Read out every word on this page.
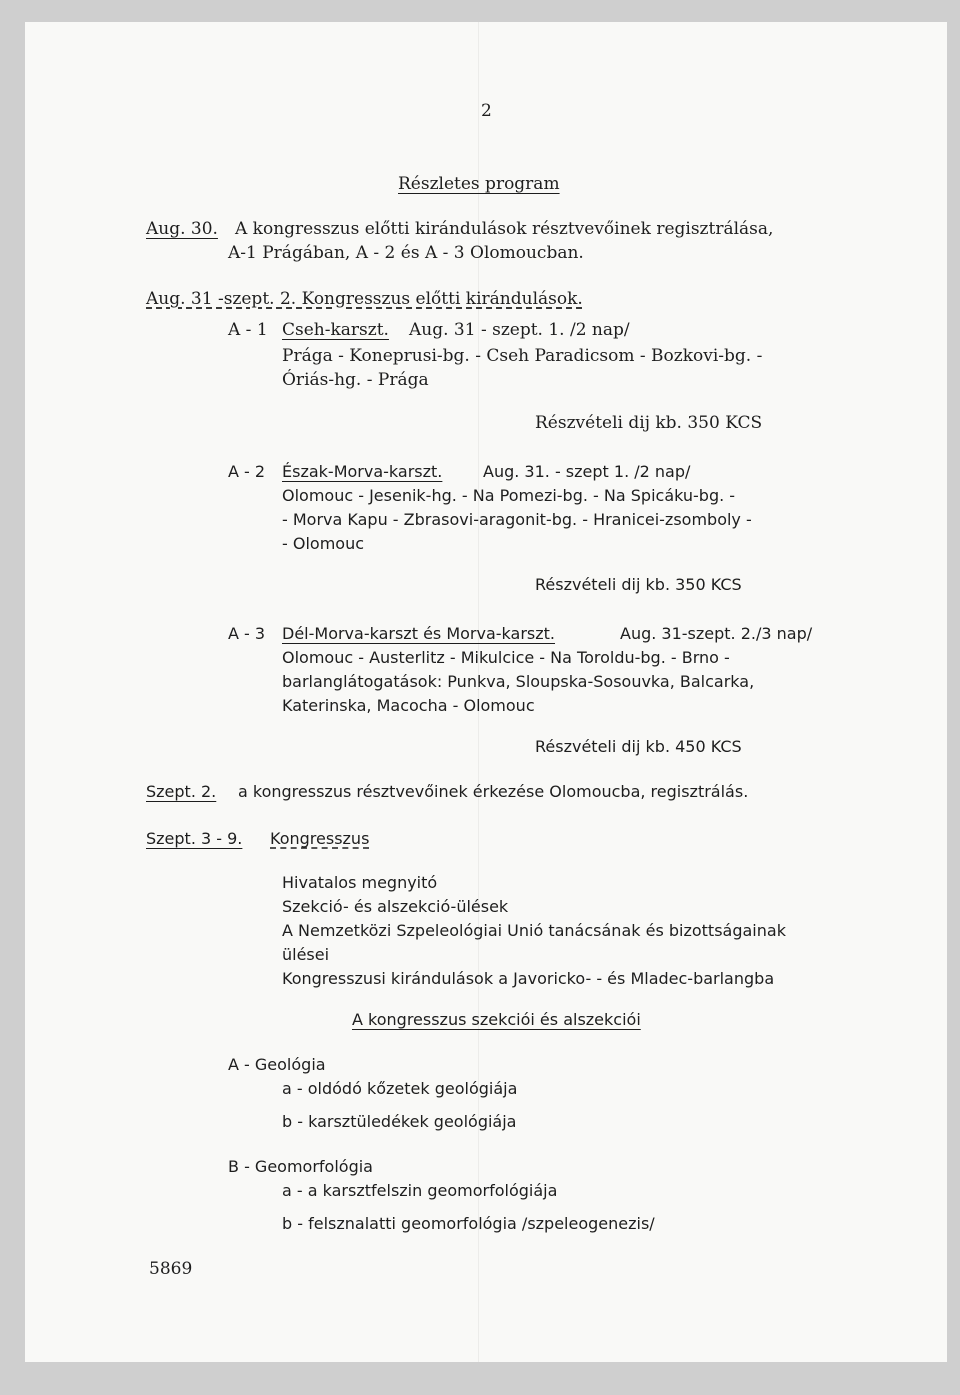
2
Részletes program
Aug. 30. A kongresszus előtti kirándulások résztvevőinek regisztrálása,
A-1 Prágában, A - 2 és A - 3 Olomoucban.
Aug. 31 -szept. 2. Kongresszus előtti kirándulások.
A - 1 Cseh-karszt. Aug. 31 - szept. 1. /2 nap/
Prága - Koneprusi-bg. - Cseh Paradicsom - Bozkovi-bg. -
Óriás-hg. - Prága
Részvételi dij kb. 350 KCS
A - 2 Észak-Morva-karszt.	Aug. 31. - szept 1. /2 nap/
Olomouc - Jesenik-hg. - Na Pomezi-bg. - Na Spicáku-bg. -
- Morva Kapu - Zbrasovi-aragonit-bg. - Hranicei-zsomboly -
- Olomouc
Részvételi dij kb. 350 KCS
A - 3 Dél-Morva-karszt és Morva-karszt.	Aug. 31-szept. 2./3 nap/
Olomouc - Austerlitz - Mikulcice - Na Toroldu-bg. - Brno -
barlanglátogatások: Punkva, Sloupska-Sosouvka, Balcarka,
Katerinska, Macocha - Olomouc
Részvételi dij kb. 450 KCS
Szept. 2. a kongresszus résztvevőinek érkezése Olomoucba, regisztrálás.
Szept. 3 - 9. Kongresszus
Hivatalos megnyitó
Szekció- és alszekció-ülések
A Nemzetközi Szpeleológiai Unió tanácsának és bizottságainak
ülései
Kongresszusi kirándulások a Javoricko- - és Mladec-barlangba
A kongresszus szekciói és alszekciói
A - Geológia
a - oldódó kőzetek geológiája
b - karsztüledékek geológiája
B - Geomorfológia
a - a karsztfelszin geomorfológiája
b - felsznalatti geomorfológia /szpeleogenezis/
5869
